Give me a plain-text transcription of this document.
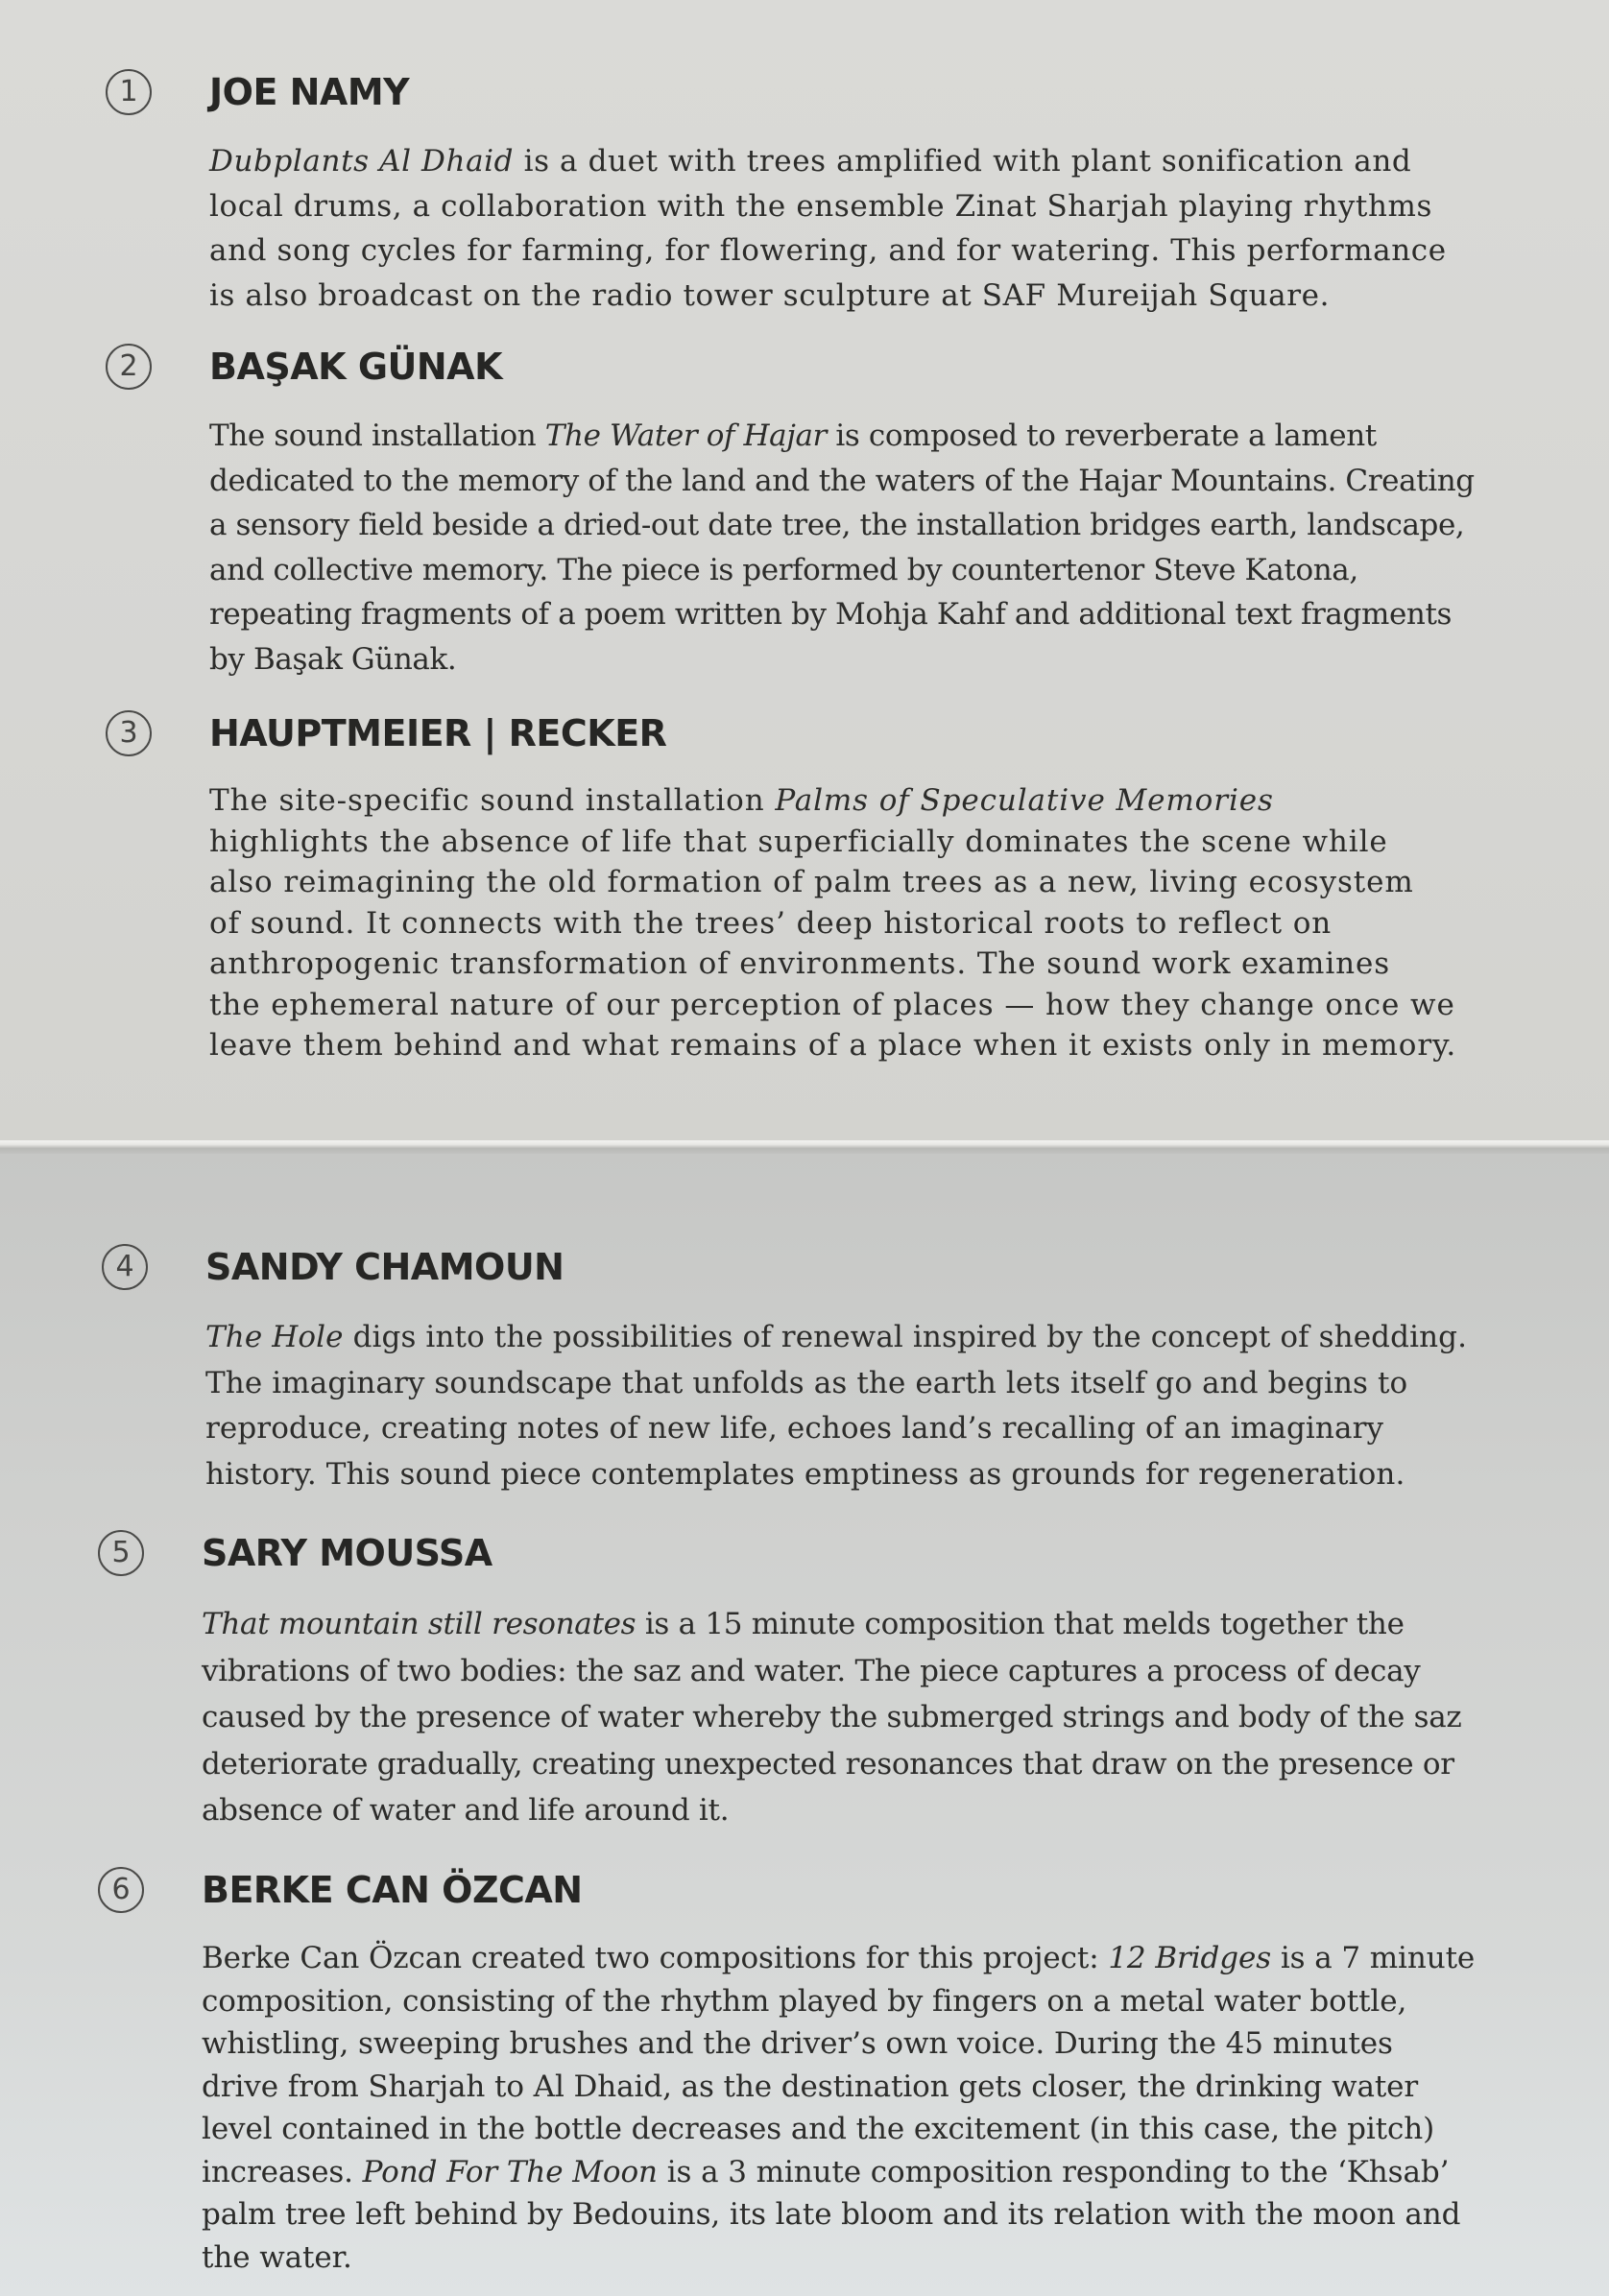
1	JOE NAMY

Dubplants Al Dhaid is a duet with trees amplified with plant sonification and
local drums, a collaboration with the ensemble Zinat Sharjah playing rhythms
and song cycles for farming, for flowering, and for watering. This performance
is also broadcast on the radio tower sculpture at SAF Mureijah Square.

2	BAŞAK GÜNAK

The sound installation The Water of Hajar is composed to reverberate a lament
dedicated to the memory of the land and the waters of the Hajar Mountains. Creating
a sensory field beside a dried-out date tree, the installation bridges earth, landscape,
and collective memory. The piece is performed by countertenor Steve Katona,
repeating fragments of a poem written by Mohja Kahf and additional text fragments
by Başak Günak.

3	HAUPTMEIER | RECKER

The site-specific sound installation Palms of Speculative Memories
highlights the absence of life that superficially dominates the scene while
also reimagining the old formation of palm trees as a new, living ecosystem
of sound. It connects with the trees’ deep historical roots to reflect on
anthropogenic transformation of environments. The sound work examines
the ephemeral nature of our perception of places — how they change once we
leave them behind and what remains of a place when it exists only in memory.

4	SANDY CHAMOUN

The Hole digs into the possibilities of renewal inspired by the concept of shedding.
The imaginary soundscape that unfolds as the earth lets itself go and begins to
reproduce, creating notes of new life, echoes land’s recalling of an imaginary
history. This sound piece contemplates emptiness as grounds for regeneration.

5	SARY MOUSSA

That mountain still resonates is a 15 minute composition that melds together the
vibrations of two bodies: the saz and water. The piece captures a process of decay
caused by the presence of water whereby the submerged strings and body of the saz
deteriorate gradually, creating unexpected resonances that draw on the presence or
absence of water and life around it.

6	BERKE CAN ÖZCAN

Berke Can Özcan created two compositions for this project: 12 Bridges is a 7 minute
composition, consisting of the rhythm played by fingers on a metal water bottle,
whistling, sweeping brushes and the driver’s own voice. During the 45 minutes
drive from Sharjah to Al Dhaid, as the destination gets closer, the drinking water
level contained in the bottle decreases and the excitement (in this case, the pitch)
increases. Pond For The Moon is a 3 minute composition responding to the ‘Khsab’
palm tree left behind by Bedouins, its late bloom and its relation with the moon and
the water.
